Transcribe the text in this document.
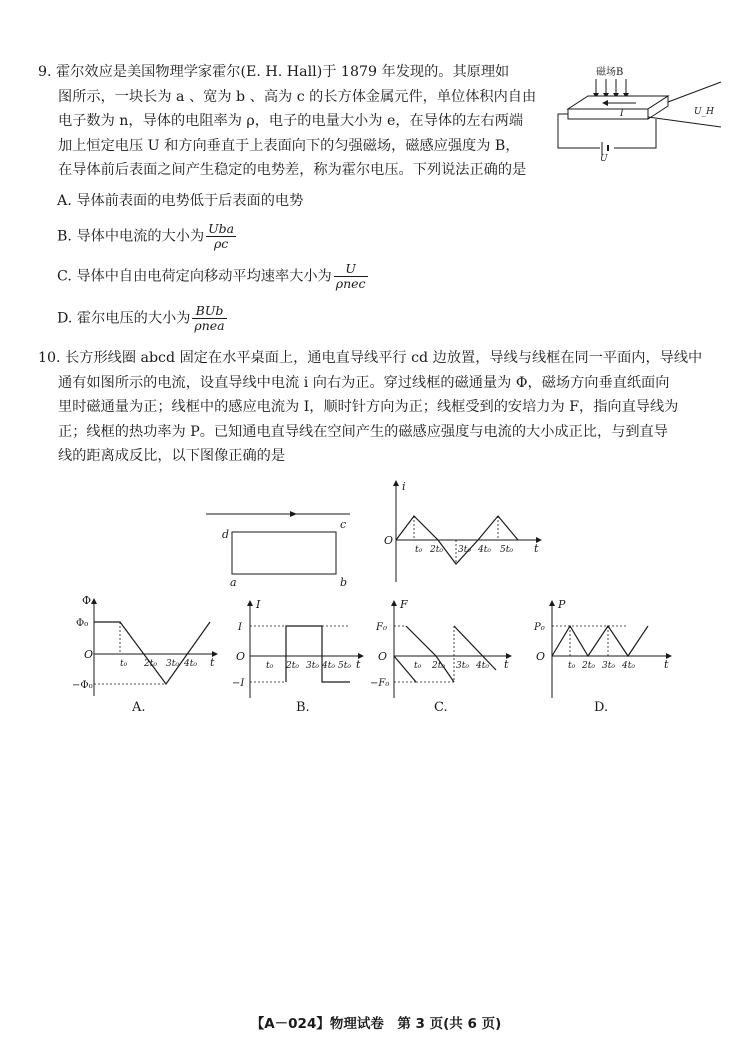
9. 霍尔效应是美国物理学家霍尔(E. H. Hall)于 1879 年发现的。其原理如
图所示，一块长为 a 、宽为 b 、高为 c 的长方体金属元件，单位体积内自由
电子数为 n，导体的电阻率为 ρ，电子的电量大小为 e，在导体的左右两端
加上恒定电压 U 和方向垂直于上表面向下的匀强磁场，磁感应强度为 B，
在导体前后表面之间产生稳定的电势差，称为霍尔电压。下列说法正确的是
磁场B
I
U
U_H
A. 导体前表面的电势低于后表面的电势
B. 导体中电流的大小为 $\frac{\text{Uba}}{\rho c}$
C. 导体中自由电荷定向移动平均速率大小为 $\frac{U}{\text{ρnec}}$
D. 霍尔电压的大小为 $\frac{\text{BUb}}{\text{ρnea}}$
10. 长方形线圈 abcd 固定在水平桌面上，通电直导线平行 cd 边放置，导线与线框在同一平面内，导线中
通有如图所示的电流，设直导线中电流 i 向右为正。穿过线框的磁通量为 Φ，磁场方向垂直纸面向
里时磁通量为正；线框中的感应电流为 I，顺时针方向为正；线框受到的安培力为 F，指向直导线为
正；线框的热功率为 P。已知通电直导线在空间产生的磁感应强度与电流的大小成正比，与到直导
线的距离成反比，以下图像正确的是
d
c
a	b
i
t
O
t₀ 2t₀ 3t₀ 4t₀ 5t₀
Φ
t
O
Φ₀
−Φ₀
t₀ 2t₀ 3t₀ 4t₀
A.
I
t
O
I
−I
t₀ 2t₀ 3t₀ 4t₀ 5t₀
B.
F
t
O
F₀
−F₀
t₀ 2t₀ 3t₀ 4t₀
C.
P
t
O
P₀
t₀ 2t₀ 3t₀ 4t₀
D.
【A－024】物理试卷　第 3 页(共 6 页)
